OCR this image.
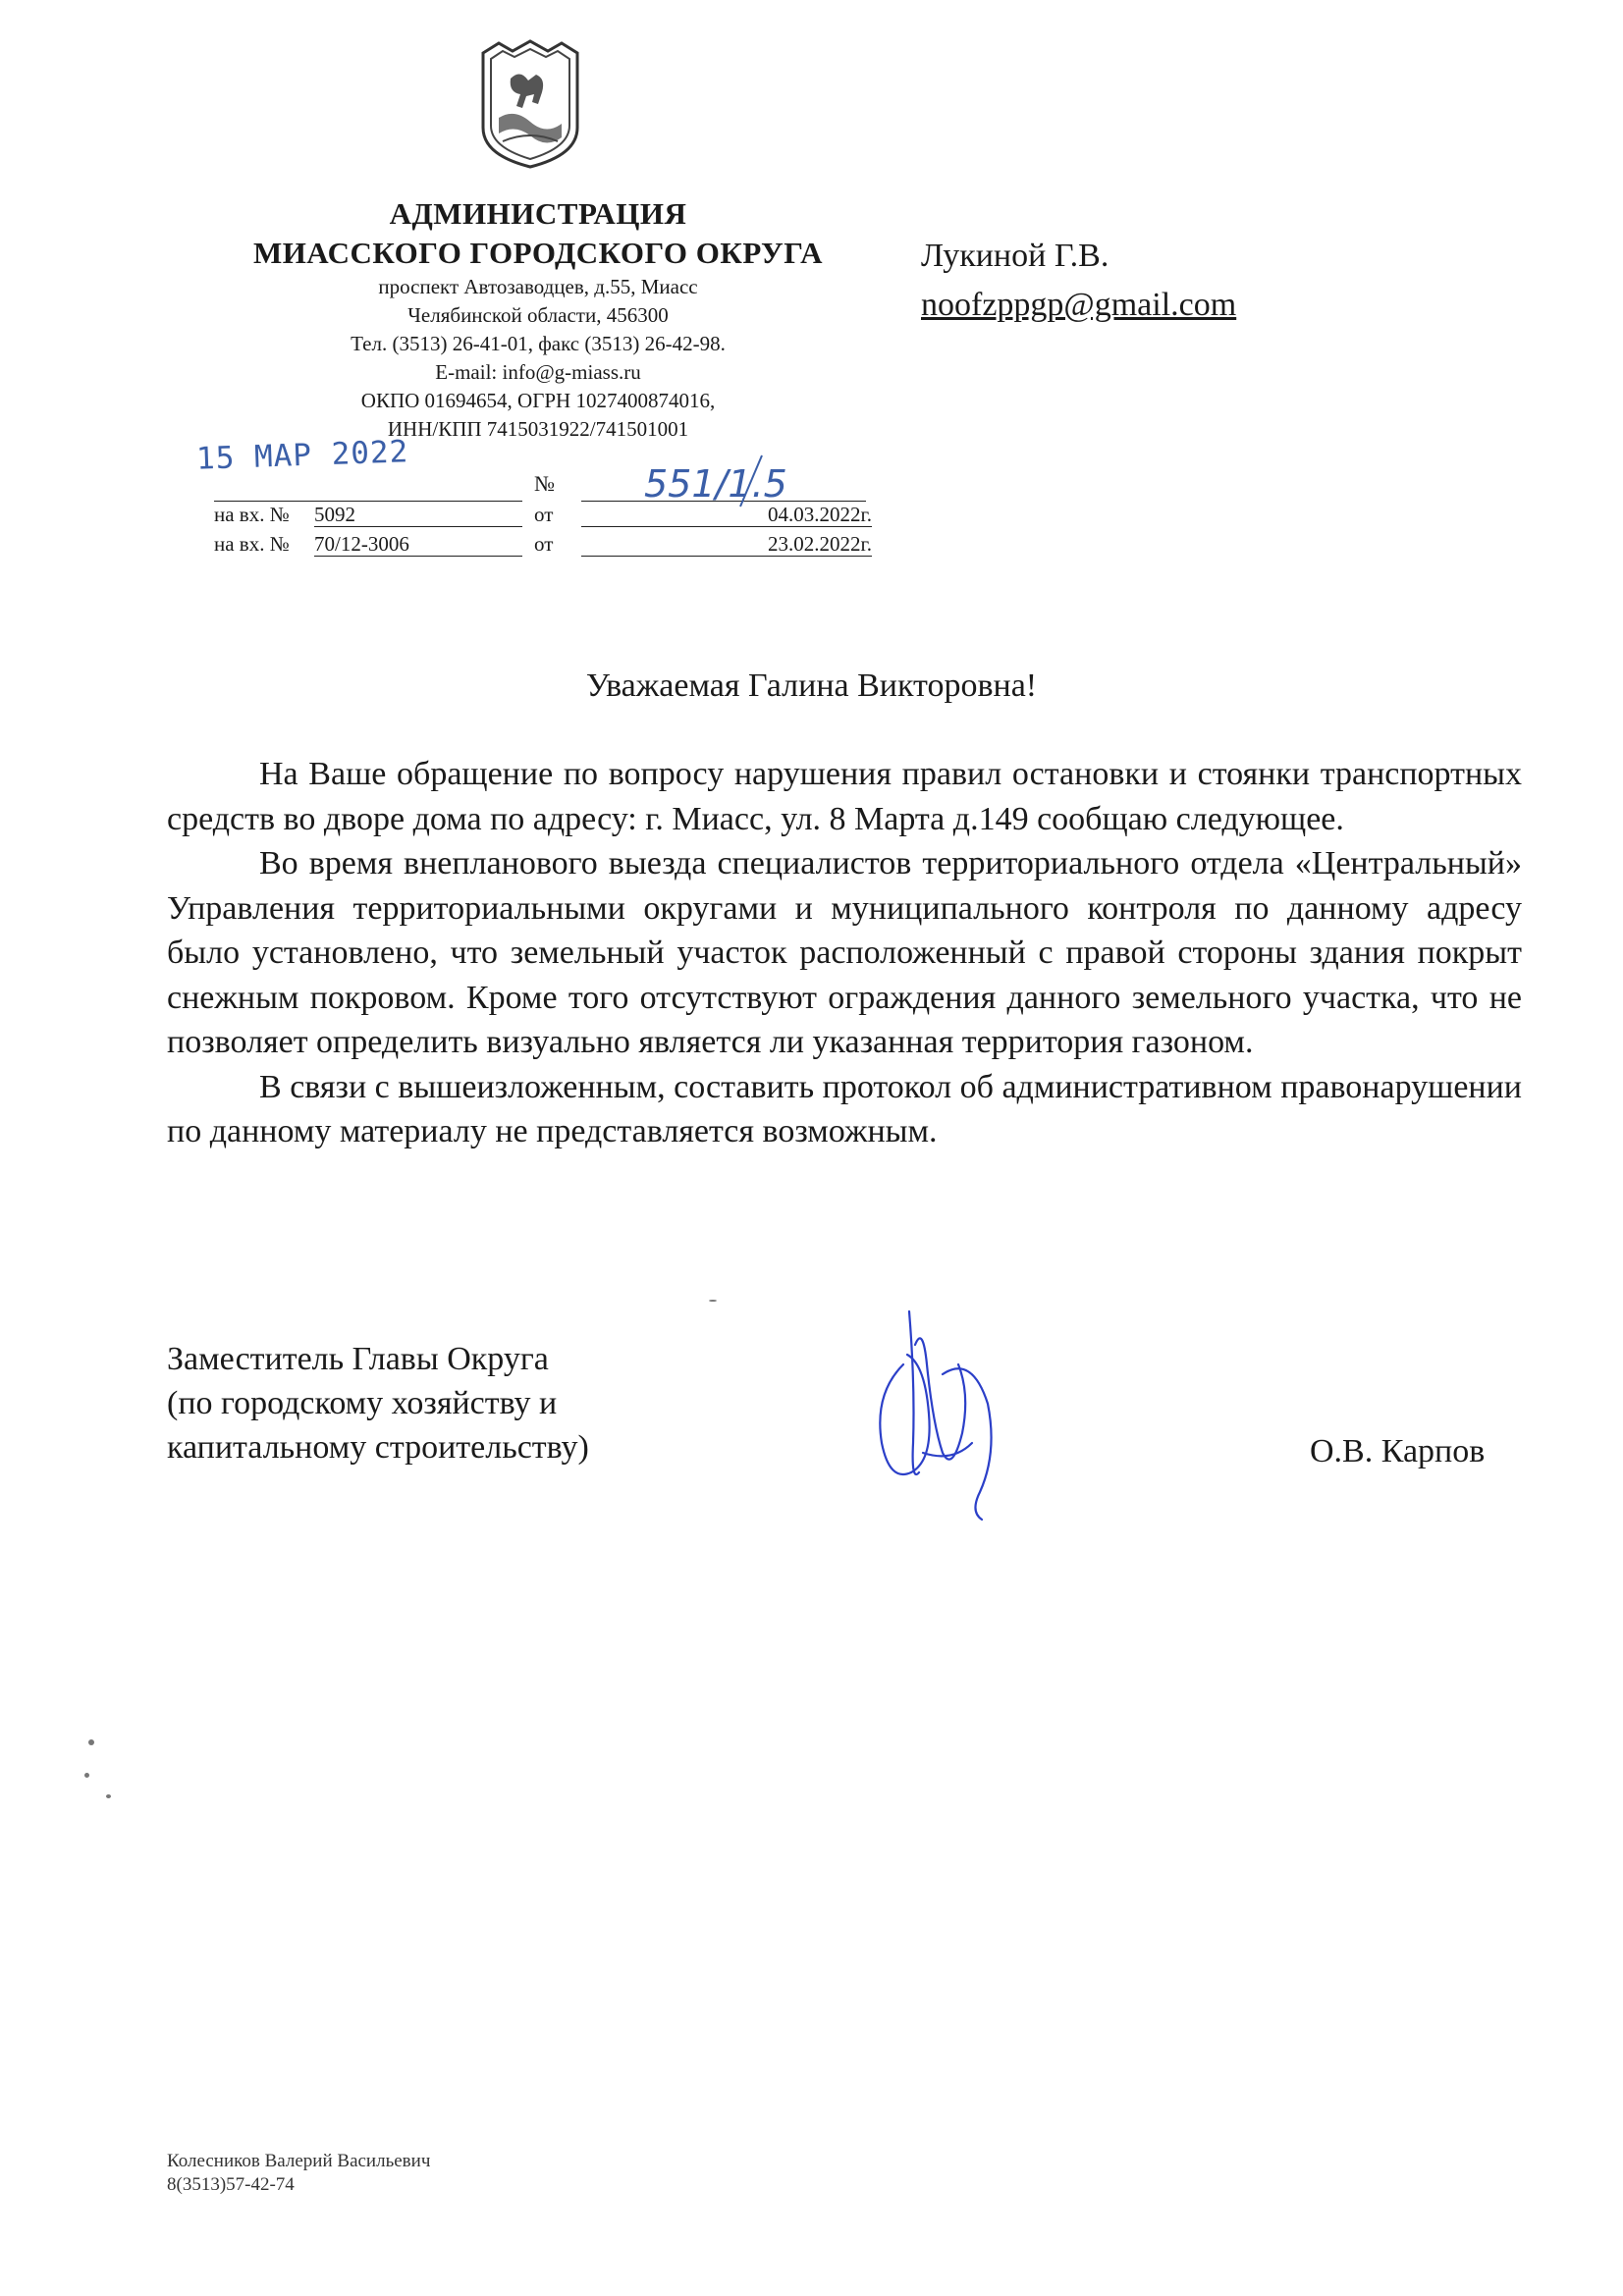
АДМИНИСТРАЦИЯ
МИАССКОГО ГОРОДСКОГО ОКРУГА
проспект Автозаводцев, д.55, Миасс
Челябинской области, 456300
Тел. (3513) 26-41-01, факс (3513) 26-42-98.
E-mail: info@g-miass.ru
ОКПО 01694654, ОГРН 1027400874016,
ИНН/КПП 7415031922/741501001
Лукиной Г.В.
noofzppgp@gmail.com
15 MAP 2022
№ 551/1.5
на вх. № 5092	от	04.03.2022г.
на вх. № 70/12-3006	от	23.02.2022г.
Уважаемая Галина Викторовна!

На Ваше обращение по вопросу нарушения правил остановки и стоянки транспортных средств во дворе дома по адресу: г. Миасс, ул. 8 Марта д.149 сообщаю следующее.

Во время внепланового выезда специалистов территориального отдела «Центральный» Управления территориальными округами и муниципального контроля по данному адресу было установлено, что земельный участок расположенный с правой стороны здания покрыт снежным покровом. Кроме того отсутствуют ограждения данного земельного участка, что не позволяет определить визуально является ли указанная территория газоном.

В связи с вышеизложенным, составить протокол об административном правонарушении по данному материалу не представляется возможным.

Заместитель Главы Округа
(по городскому хозяйству и
капитальному строительству)	О.В. Карпов
Колесников Валерий Васильевич
8(3513)57-42-74
